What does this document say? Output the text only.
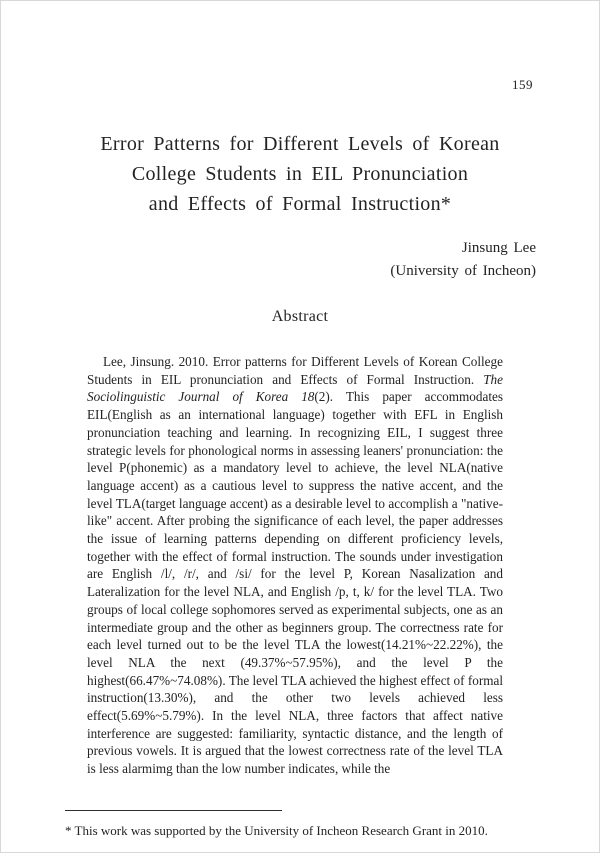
159
Error Patterns for Different Levels of Korean
College Students in EIL Pronunciation
and Effects of Formal Instruction*
Jinsung Lee
(University of Incheon)
Abstract

Lee, Jinsung. 2010. Error patterns for Different Levels of Korean College Students in EIL pronunciation and Effects of Formal Instruction. The Sociolinguistic Journal of Korea 18(2). This paper accommodates EIL(English as an international language) together with EFL in English pronunciation teaching and learning. In recognizing EIL, I suggest three strategic levels for phonological norms in assessing leaners' pronunciation: the level P(phonemic) as a mandatory level to achieve, the level NLA(native language accent) as a cautious level to suppress the native accent, and the level TLA(target language accent) as a desirable level to accomplish a "native-like" accent. After probing the significance of each level, the paper addresses the issue of learning patterns depending on different proficiency levels, together with the effect of formal instruction. The sounds under investigation are English /l/, /r/, and /si/ for the level P, Korean Nasalization and Lateralization for the level NLA, and English /p, t, k/ for the level TLA. Two groups of local college sophomores served as experimental subjects, one as an intermediate group and the other as beginners group. The correctness rate for each level turned out to be the level TLA the lowest(14.21%~22.22%), the level NLA the next (49.37%~57.95%), and the level P the highest(66.47%~74.08%). The level TLA achieved the highest effect of formal instruction(13.30%), and the other two levels achieved less effect(5.69%~5.79%). In the level NLA, three factors that affect native interference are suggested: familiarity, syntactic distance, and the length of previous vowels. It is argued that the lowest correctness rate of the level TLA is less alarmimg than the low number indicates, while the

* This work was supported by the University of Incheon Research Grant in 2010.
